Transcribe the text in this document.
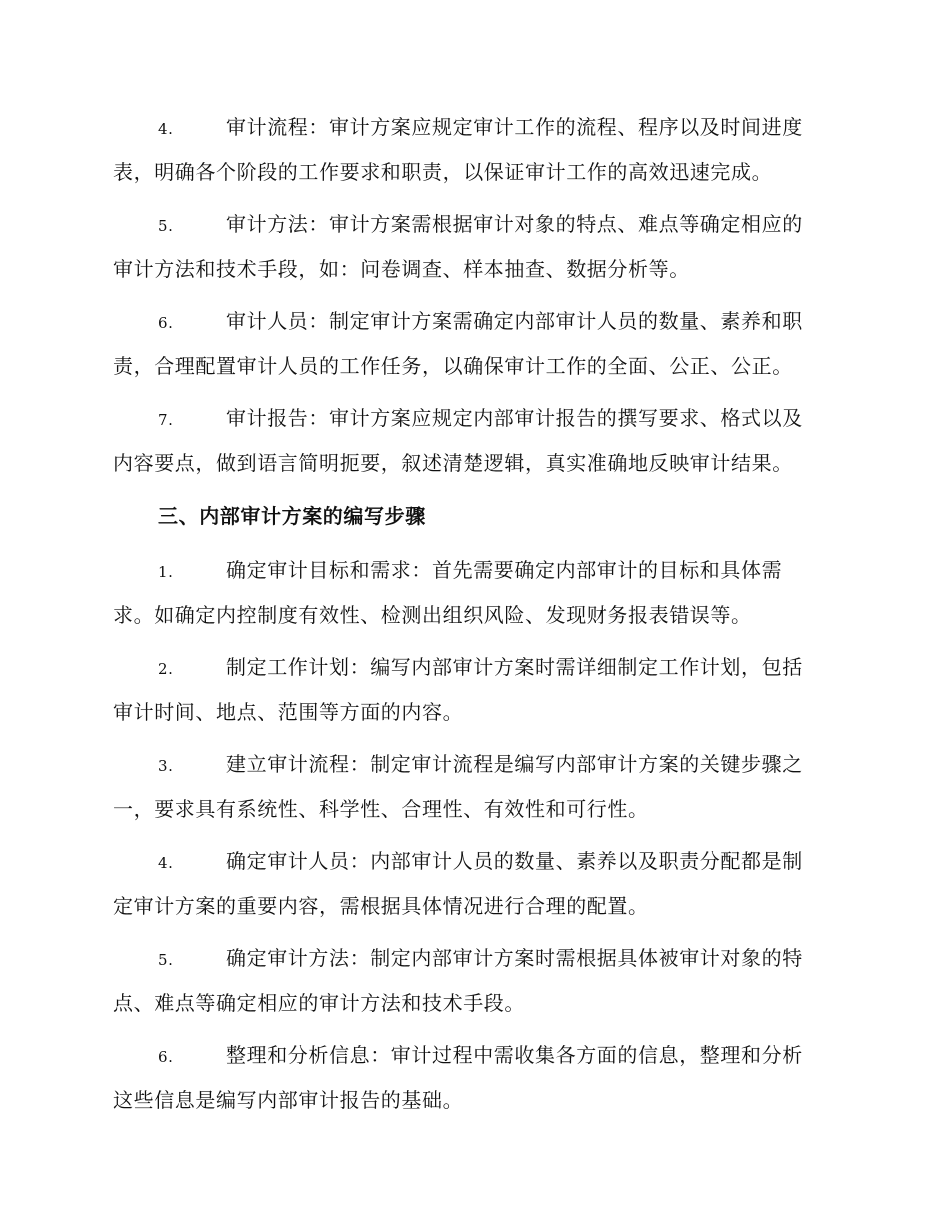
4.	审计流程：审计方案应规定审计工作的流程、程序以及时间进度
表，明确各个阶段的工作要求和职责，以保证审计工作的高效迅速完成。
5.	审计方法：审计方案需根据审计对象的特点、难点等确定相应的
审计方法和技术手段，如：问卷调查、样本抽查、数据分析等。
6.	审计人员：制定审计方案需确定内部审计人员的数量、素养和职
责，合理配置审计人员的工作任务，以确保审计工作的全面、公正、公正。
7.	审计报告：审计方案应规定内部审计报告的撰写要求、格式以及
内容要点，做到语言简明扼要，叙述清楚逻辑，真实准确地反映审计结果。
三、内部审计方案的编写步骤
1.	确定审计目标和需求：首先需要确定内部审计的目标和具体需
求。如确定内控制度有效性、检测出组织风险、发现财务报表错误等。
2.	制定工作计划：编写内部审计方案时需详细制定工作计划，包括
审计时间、地点、范围等方面的内容。
3.	建立审计流程：制定审计流程是编写内部审计方案的关键步骤之
一，要求具有系统性、科学性、合理性、有效性和可行性。
4.	确定审计人员：内部审计人员的数量、素养以及职责分配都是制
定审计方案的重要内容，需根据具体情况进行合理的配置。
5.	确定审计方法：制定内部审计方案时需根据具体被审计对象的特
点、难点等确定相应的审计方法和技术手段。
6.	整理和分析信息：审计过程中需收集各方面的信息，整理和分析
这些信息是编写内部审计报告的基础。
